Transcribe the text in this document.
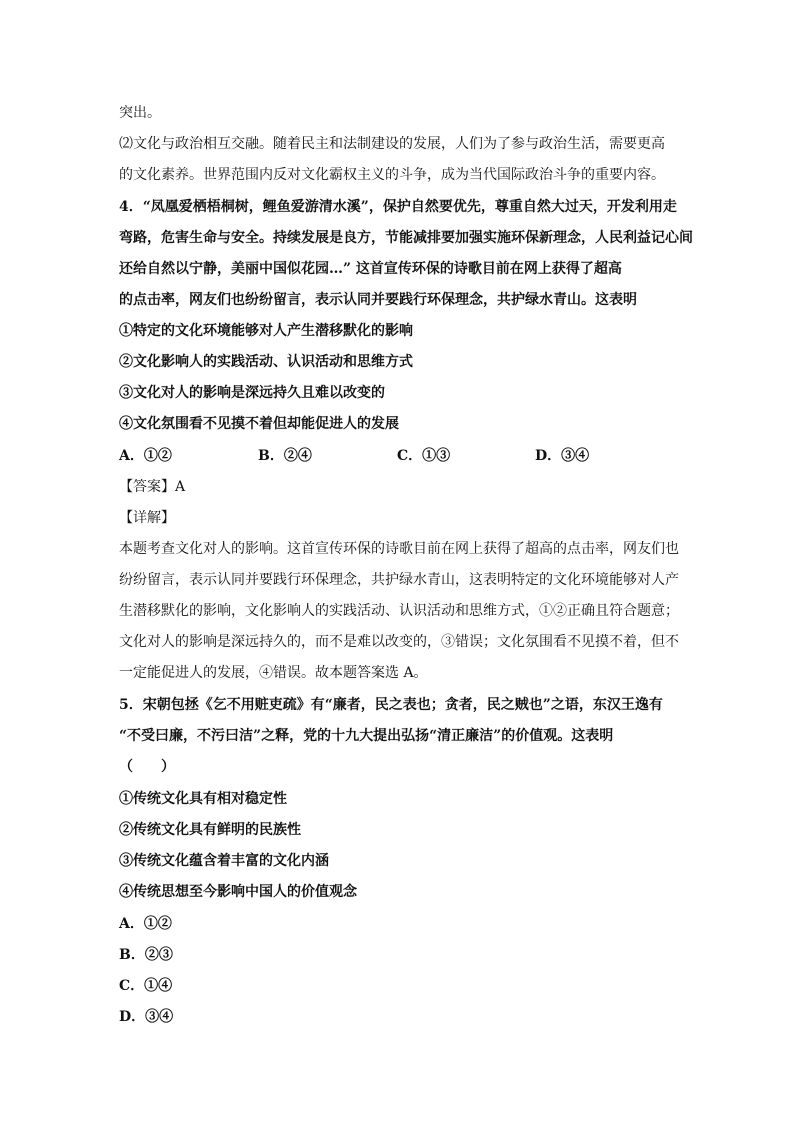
突出。
⑵文化与政治相互交融。随着民主和法制建设的发展，人们为了参与政治生活，需要更高
的文化素养。世界范围内反对文化霸权主义的斗争，成为当代国际政治斗争的重要内容。
4．“凤凰爱栖梧桐树，鲤鱼爱游清水溪”，保护自然要优先，尊重自然大过天，开发利用走
弯路，危害生命与安全。持续发展是良方，节能减排要加强实施环保新理念，人民利益记心间
还给自然以宁静，美丽中国似花园…” 这首宣传环保的诗歌目前在网上获得了超高
的点击率，网友们也纷纷留言，表示认同并要践行环保理念，共护绿水青山。这表明
①特定的文化环境能够对人产生潜移默化的影响
②文化影响人的实践活动、认识活动和思维方式
③文化对人的影响是深远持久且难以改变的
④文化氛围看不见摸不着但却能促进人的发展
A．①②	B．②④	C．①③	D．③④
【答案】A
【详解】
本题考查文化对人的影响。这首宣传环保的诗歌目前在网上获得了超高的点击率，网友们也
纷纷留言，表示认同并要践行环保理念，共护绿水青山，这表明特定的文化环境能够对人产
生潜移默化的影响，文化影响人的实践活动、认识活动和思维方式，①②正确且符合题意；
文化对人的影响是深远持久的，而不是难以改变的，③错误；文化氛围看不见摸不着，但不
一定能促进人的发展，④错误。故本题答案选 A。
5．宋朝包拯《乞不用赃吏疏》有“廉者，民之表也；贪者，民之贼也”之语，东汉王逸有
“不受曰廉，不污曰洁”之释，党的十九大提出弘扬“清正廉洁”的价值观。这表明
（　　）
①传统文化具有相对稳定性
②传统文化具有鲜明的民族性
③传统文化蕴含着丰富的文化内涵
④传统思想至今影响中国人的价值观念
A．①②
B．②③
C．①④
D．③④
